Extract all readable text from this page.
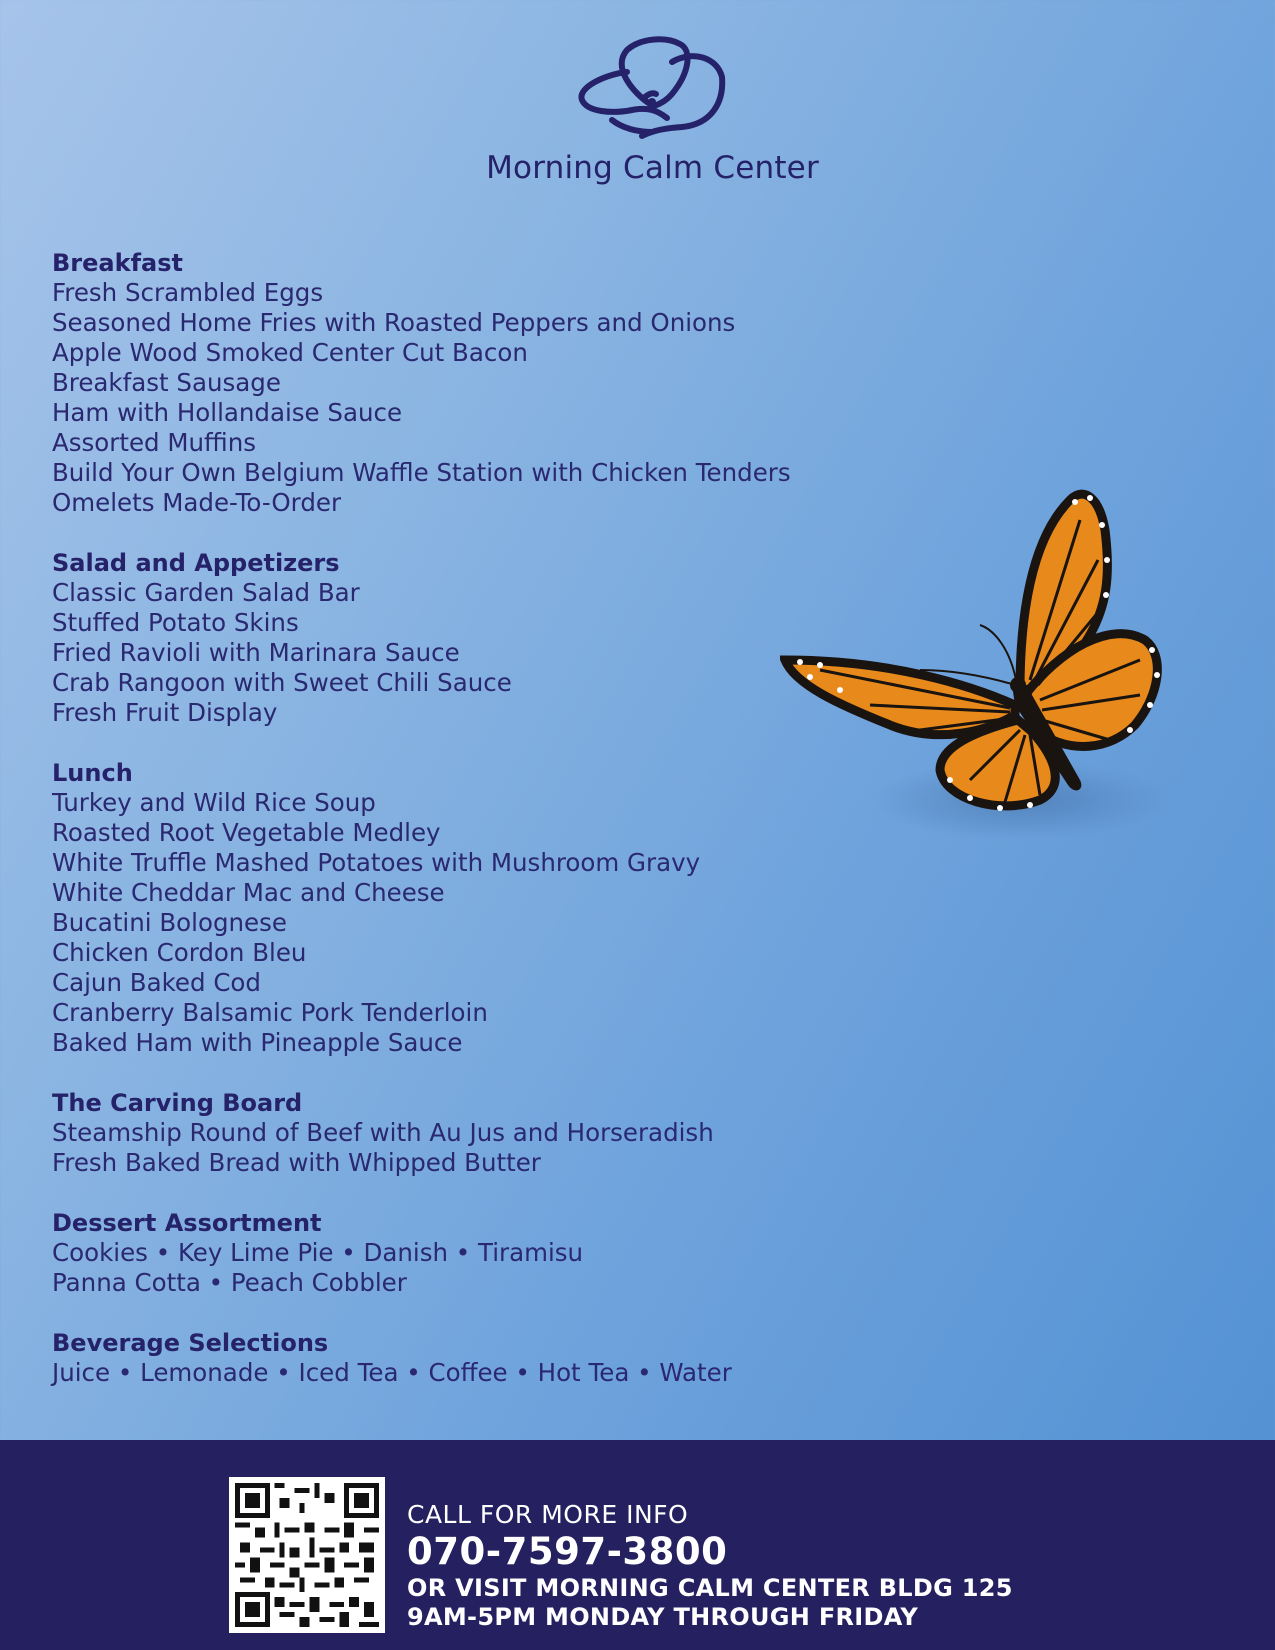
Morning Calm Center
Breakfast
Fresh Scrambled Eggs
Seasoned Home Fries with Roasted Peppers and Onions
Apple Wood Smoked Center Cut Bacon
Breakfast Sausage
Ham with Hollandaise Sauce
Assorted Muffins
Build Your Own Belgium Waffle Station with Chicken Tenders
Omelets Made-To-Order
Salad and Appetizers
Classic Garden Salad Bar
Stuffed Potato Skins
Fried Ravioli with Marinara Sauce
Crab Rangoon with Sweet Chili Sauce
Fresh Fruit Display
Lunch
Turkey and Wild Rice Soup
Roasted Root Vegetable Medley
White Truffle Mashed Potatoes with Mushroom Gravy
White Cheddar Mac and Cheese
Bucatini Bolognese
Chicken Cordon Bleu
Cajun Baked Cod
Cranberry Balsamic Pork Tenderloin
Baked Ham with Pineapple Sauce
The Carving Board
Steamship Round of Beef with Au Jus and Horseradish
Fresh Baked Bread with Whipped Butter
Dessert Assortment
Cookies • Key Lime Pie • Danish • Tiramisu
Panna Cotta • Peach Cobbler
Beverage Selections
Juice • Lemonade • Iced Tea • Coffee • Hot Tea • Water
CALL FOR MORE INFO
070-7597-3800
OR VISIT MORNING CALM CENTER BLDG 125
9AM-5PM MONDAY THROUGH FRIDAY
